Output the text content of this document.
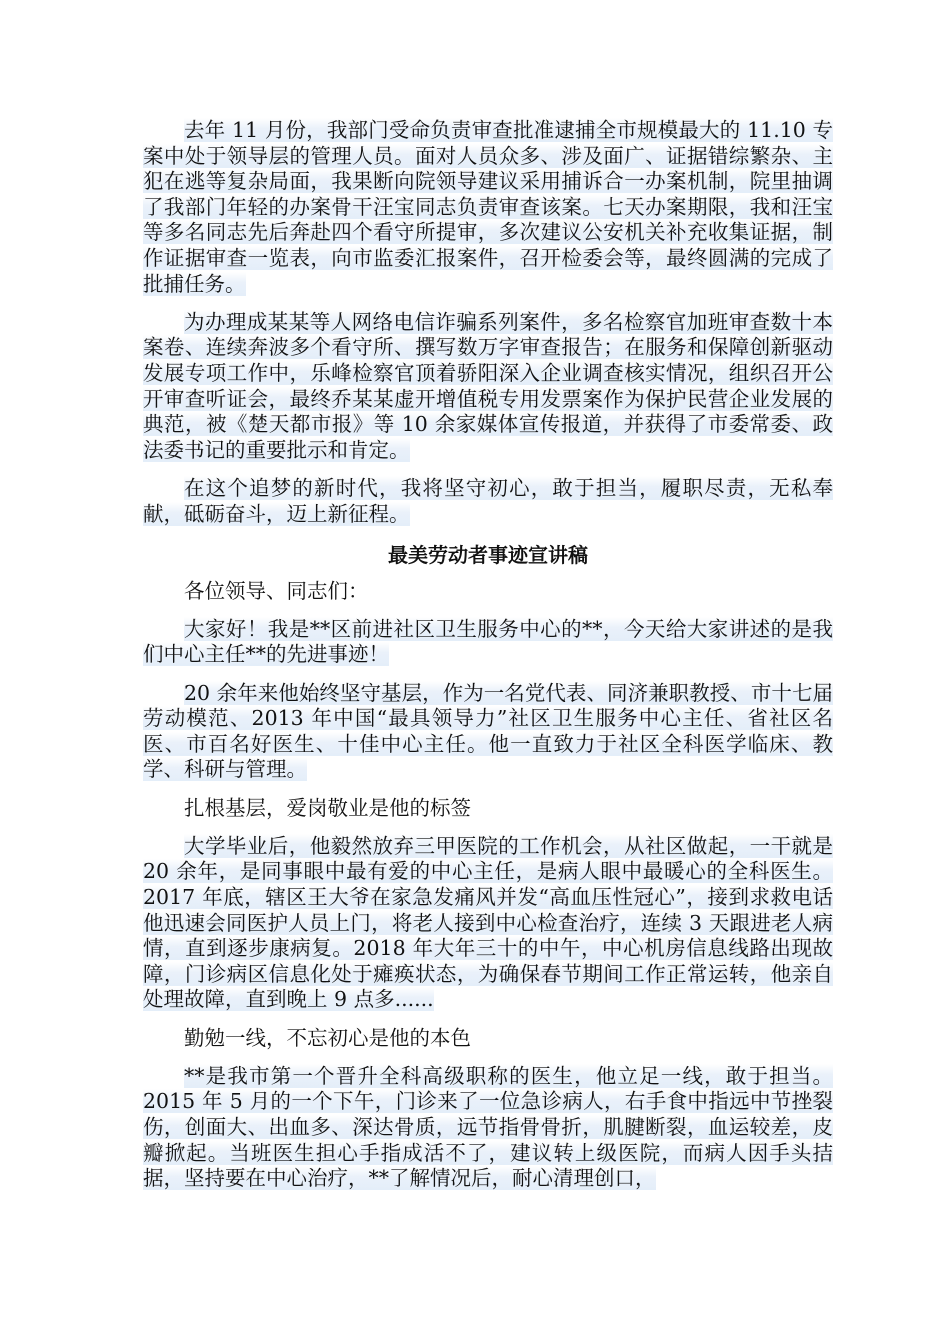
去年 11 月份，我部门受命负责审查批准逮捕全市规模最大的 11.10 专案中处于领导层的管理人员。面对人员众多、涉及面广、证据错综繁杂、主犯在逃等复杂局面，我果断向院领导建议采用捕诉合一办案机制，院里抽调了我部门年轻的办案骨干汪宝同志负责审查该案。七天办案期限，我和汪宝等多名同志先后奔赴四个看守所提审，多次建议公安机关补充收集证据，制作证据审查一览表，向市监委汇报案件，召开检委会等，最终圆满的完成了批捕任务。

为办理成某某等人网络电信诈骗系列案件，多名检察官加班审查数十本案卷、连续奔波多个看守所、撰写数万字审查报告；在服务和保障创新驱动发展专项工作中，乐峰检察官顶着骄阳深入企业调查核实情况，组织召开公开审查听证会，最终乔某某虚开增值税专用发票案作为保护民营企业发展的典范，被《楚天都市报》等 10 余家媒体宣传报道，并获得了市委常委、政法委书记的重要批示和肯定。

在这个追梦的新时代，我将坚守初心，敢于担当，履职尽责，无私奉献，砥砺奋斗，迈上新征程。

最美劳动者事迹宣讲稿

各位领导、同志们：

大家好！我是**区前进社区卫生服务中心的**，今天给大家讲述的是我们中心主任**的先进事迹！

20 余年来他始终坚守基层，作为一名党代表、同济兼职教授、市十七届劳动模范、2013 年中国“最具领导力”社区卫生服务中心主任、省社区名医、市百名好医生、十佳中心主任。他一直致力于社区全科医学临床、教学、科研与管理。

扎根基层，爱岗敬业是他的标签

大学毕业后，他毅然放弃三甲医院的工作机会，从社区做起，一干就是 20 余年，是同事眼中最有爱的中心主任，是病人眼中最暖心的全科医生。2017 年底，辖区王大爷在家急发痛风并发“高血压性冠心”，接到求救电话他迅速会同医护人员上门，将老人接到中心检查治疗，连续 3 天跟进老人病情，直到逐步康病复。2018 年大年三十的中午，中心机房信息线路出现故障，门诊病区信息化处于瘫痪状态，为确保春节期间工作正常运转，他亲自处理故障，直到晚上 9 点多......

勤勉一线，不忘初心是他的本色

**是我市第一个晋升全科高级职称的医生，他立足一线，敢于担当。2015 年 5 月的一个下午，门诊来了一位急诊病人，右手食中指远中节挫裂伤，创面大、出血多、深达骨质，远节指骨骨折，肌腱断裂，血运较差，皮瓣掀起。当班医生担心手指成活不了，建议转上级医院，而病人因手头拮据，坚持要在中心治疗，**了解情况后，耐心清理创口，
